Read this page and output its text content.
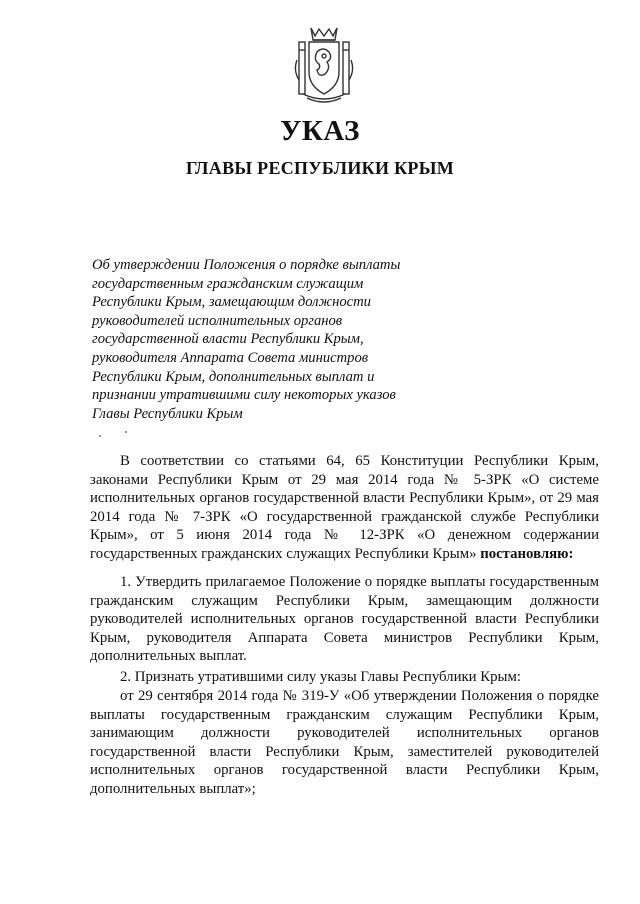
УКАЗ
ГЛАВЫ РЕСПУБЛИКИ КРЫМ

Об утверждении Положения о порядке выплаты государственным гражданским служащим Республики Крым, замещающим должности руководителей исполнительных органов государственной власти Республики Крым, руководителя Аппарата Совета министров Республики Крым, дополнительных выплат и признании утратившими силу некоторых указов Главы Республики Крым

В соответствии со статьями 64, 65 Конституции Республики Крым, законами Республики Крым от 29 мая 2014 года № 5-ЗРК «О системе исполнительных органов государственной власти Республики Крым», от 29 мая 2014 года № 7-ЗРК «О государственной гражданской службе Республики Крым», от 5 июня 2014 года № 12-ЗРК «О денежном содержании государственных гражданских служащих Республики Крым» постановляю:

1. Утвердить прилагаемое Положение о порядке выплаты государственным гражданским служащим Республики Крым, замещающим должности руководителей исполнительных органов государственной власти Республики Крым, руководителя Аппарата Совета министров Республики Крым, дополнительных выплат.

2. Признать утратившими силу указы Главы Республики Крым:

от 29 сентября 2014 года № 319-У «Об утверждении Положения о порядке выплаты государственным гражданским служащим Республики Крым, занимающим должности руководителей исполнительных органов государственной власти Республики Крым, заместителей руководителей исполнительных органов государственной власти Республики Крым, дополнительных выплат»;
